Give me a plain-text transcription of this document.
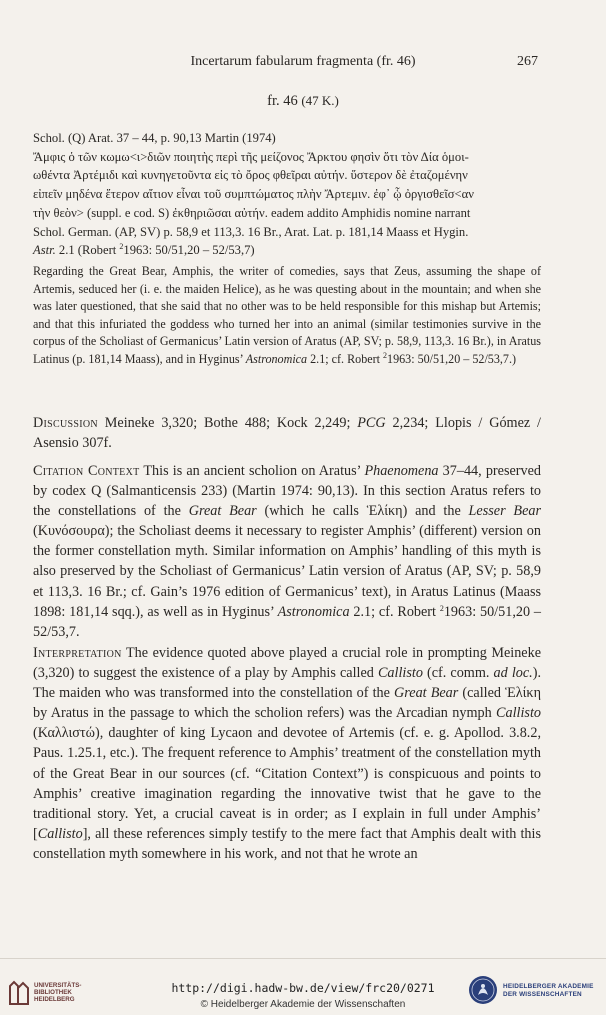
Incertarum fabularum fragmenta (fr. 46)	267
fr. 46 (47 K.)

Schol. (Q) Arat. 37 – 44, p. 90,13 Martin (1974)

Ἄμφις ὁ τῶν κωμω<ι>διῶν ποιητὴς περὶ τῆς μείζονος Ἄρκτου φησὶν ὅτι τὸν Δία ὁμοι-

ωθέντα Ἀρτέμιδι καὶ κυνηγετοῦντα εἰς τὸ ὄρος φθεῖραι αὐτήν. ὕστερον δὲ ἐταζομένην

εἰπεῖν μηδένα ἕτερον αἴτιον εἶναι τοῦ συμπτώματος πλὴν Ἄρτεμιν. ἐφ᾽ ᾧ ὀργισθεῖσ<αν

τὴν θεὸν> (suppl. e cod. S) ἐκθηριῶσαι αὐτήν. eadem addito Amphidis nomine narrant

Schol. German. (AP, SV) p. 58,9 et 113,3. 16 Br., Arat. Lat. p. 181,14 Maass et Hygin.

Astr. 2.1 (Robert $^2$1963: 50/51,20 – 52/53,7)

Regarding the Great Bear, Amphis, the writer of comedies, says that Zeus, assuming the shape of Artemis, seduced her (i. e. the maiden Helice), as he was questing about in the mountain; and when she was later questioned, that she said that no other was to be held responsible for this mishap but Artemis; and that this infuriated the goddess who turned her into an animal (similar testimonies survive in the corpus of the Scholiast of Germanicus’ Latin version of Aratus (AP, SV; p. 58,9, 113,3. 16 Br.), in Aratus Latinus (p. 181,14 Maass), and in Hyginus’ Astronomica 2.1; cf. Robert $^2$1963: 50/51,20 – 52/53,7.)

Discussion Meineke 3,320; Bothe 488; Kock 2,249; PCG 2,234; Llopis / Gómez / Asensio 307f.

Citation Context This is an ancient scholion on Aratus’ Phaenomena 37–44, preserved by codex Q (Salmanticensis 233) (Martin 1974: 90,13). In this section Aratus refers to the constellations of the Great Bear (which he calls Ἑλίκη) and the Lesser Bear (Κυνόσουρα); the Scholiast deems it necessary to register Amphis’ (different) version on the former constellation myth. Similar information on Amphis’ handling of this myth is also preserved by the Scholiast of Germanicus’ Latin version of Aratus (AP, SV; p. 58,9 et 113,3. 16 Br.; cf. Gain’s 1976 edition of Germanicus’ text), in Aratus Latinus (Maass 1898: 181,14 sqq.), as well as in Hyginus’ Astronomica 2.1; cf. Robert $^2$1963: 50/51,20 – 52/53,7.

Interpretation The evidence quoted above played a crucial role in prompting Meineke (3,320) to suggest the existence of a play by Amphis called Callisto (cf. comm. ad loc.). The maiden who was transformed into the constellation of the Great Bear (called Ἑλίκη by Aratus in the passage to which the scholion refers) was the Arcadian nymph Callisto (Καλλιστώ), daughter of king Lycaon and devotee of Artemis (cf. e. g. Apollod. 3.8.2, Paus. 1.25.1, etc.). The frequent reference to Amphis’ treatment of the constellation myth of the Great Bear in our sources (cf. “Citation Context”) is conspicuous and points to Amphis’ creative imagination regarding the innovative twist that he gave to the traditional story. Yet, a crucial caveat is in order; as I explain in full under Amphis’ [Callisto], all these references simply testify to the mere fact that Amphis dealt with this constellation myth somewhere in his work, and not that he wrote an

UNIVERSITÄTS-
BIBLIOTHEK
HEIDELBERG
http://digi.hadw-bw.de/view/frc20/0271
© Heidelberger Akademie der Wissenschaften
HEIDELBERGER AKADEMIE
DER WISSENSCHAFTEN
